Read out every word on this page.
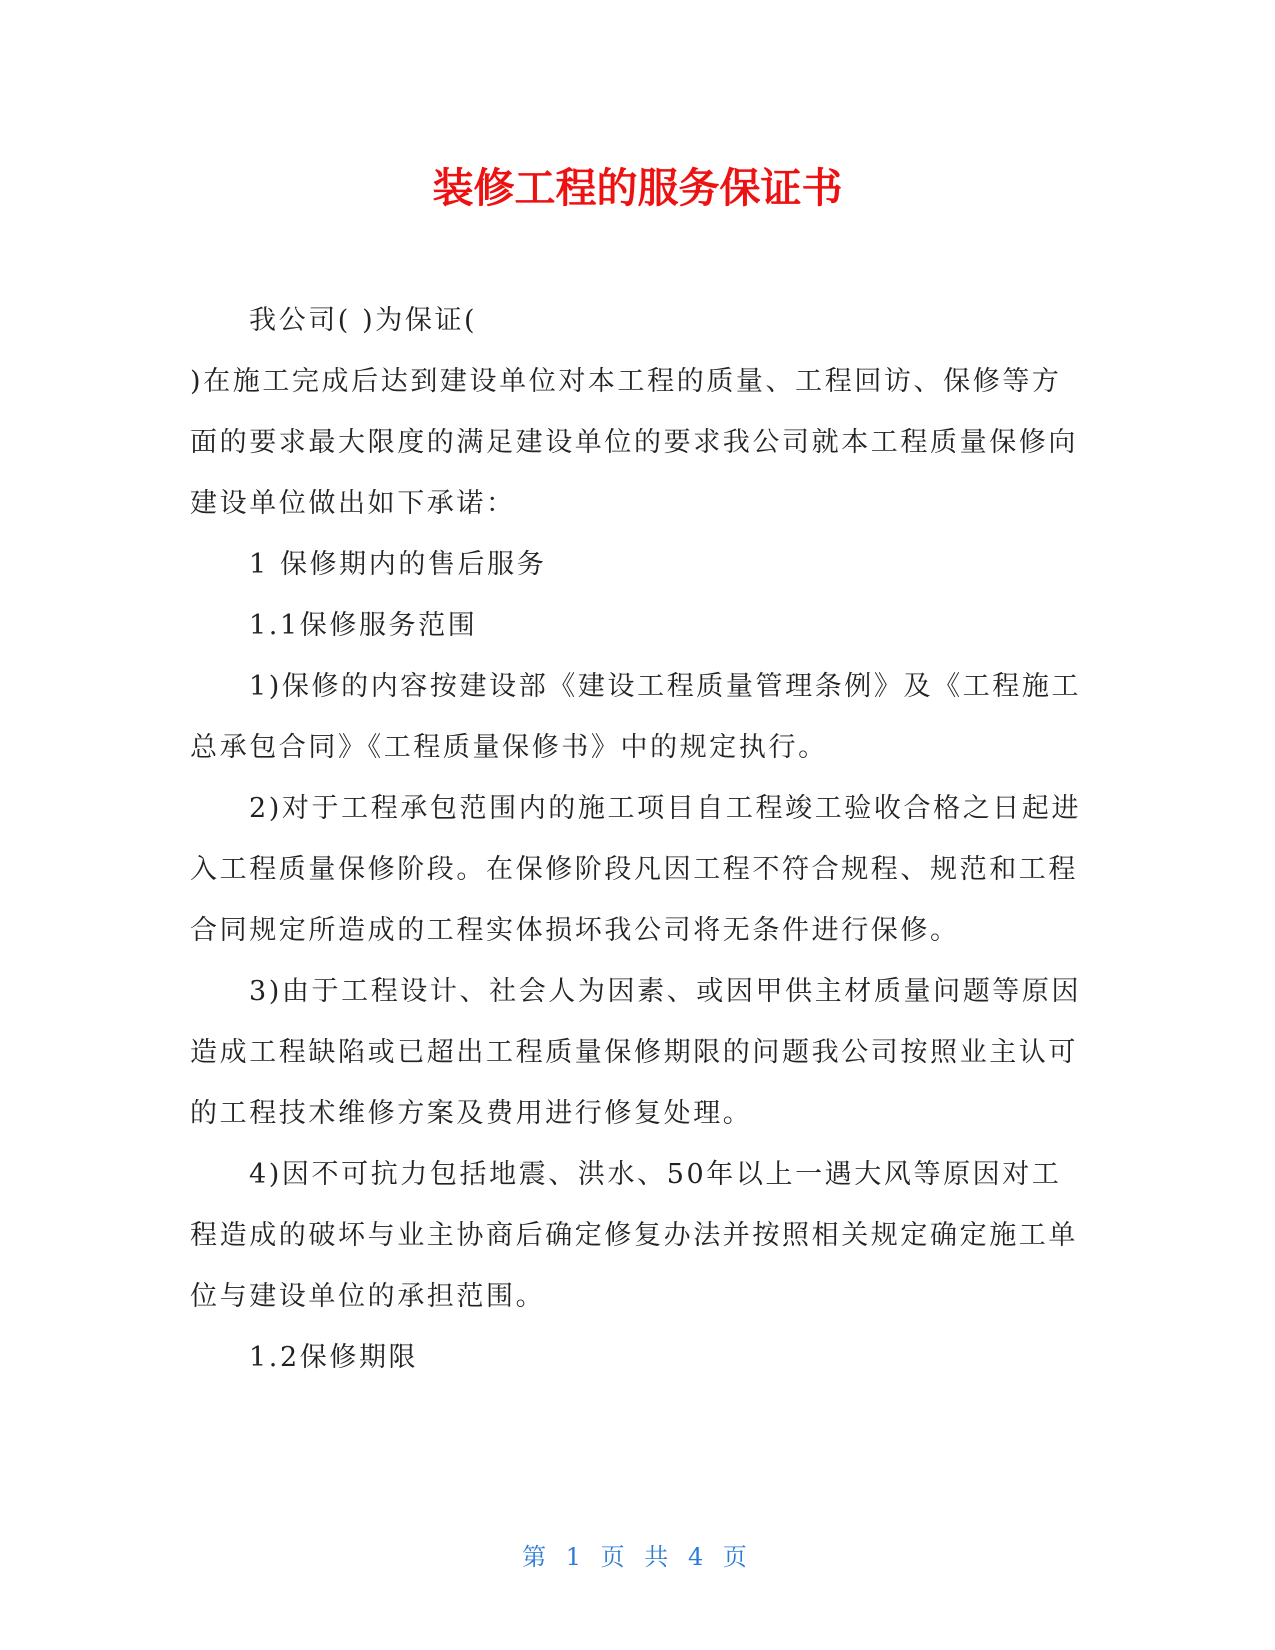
装修工程的服务保证书

我公司( )为保证(

)在施工完成后达到建设单位对本工程的质量、工程回访、保修等方面的要求最大限度的满足建设单位的要求我公司就本工程质量保修向建设单位做出如下承诺：

1 保修期内的售后服务

1.1保修服务范围

1)保修的内容按建设部《建设工程质量管理条例》及《工程施工总承包合同》《工程质量保修书》中的规定执行。

2)对于工程承包范围内的施工项目自工程竣工验收合格之日起进入工程质量保修阶段。在保修阶段凡因工程不符合规程、规范和工程合同规定所造成的工程实体损坏我公司将无条件进行保修。

3)由于工程设计、社会人为因素、或因甲供主材质量问题等原因造成工程缺陷或已超出工程质量保修期限的问题我公司按照业主认可的工程技术维修方案及费用进行修复处理。

4)因不可抗力包括地震、洪水、50年以上一遇大风等原因对工程造成的破坏与业主协商后确定修复办法并按照相关规定确定施工单位与建设单位的承担范围。

1.2保修期限

第 1 页 共 4 页
